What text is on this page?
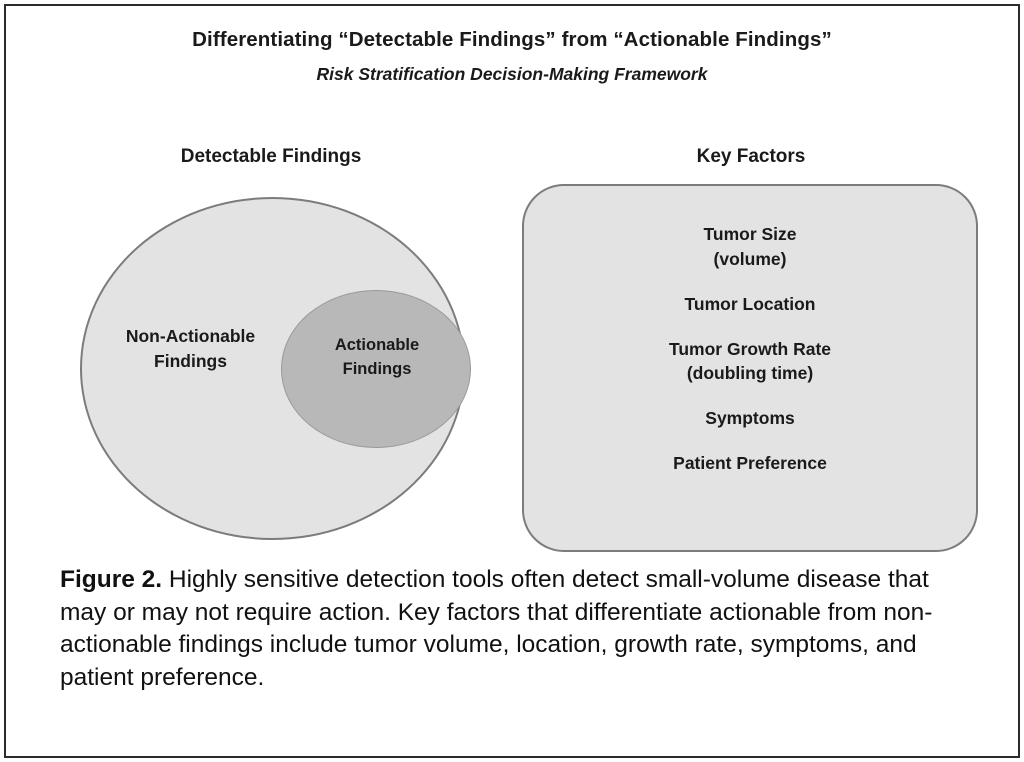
Differentiating “Detectable Findings” from “Actionable Findings”
Risk Stratification Decision-Making Framework
Detectable Findings	Key Factors
Non-Actionable
Findings
Actionable
Findings
Tumor Size
(volume)
Tumor Location
Tumor Growth Rate
(doubling time)
Symptoms
Patient Preference
Figure 2. Highly sensitive detection tools often detect small-volume disease that may or may not require action. Key factors that differentiate actionable from non-actionable findings include tumor volume, location, growth rate, symptoms, and patient preference.
